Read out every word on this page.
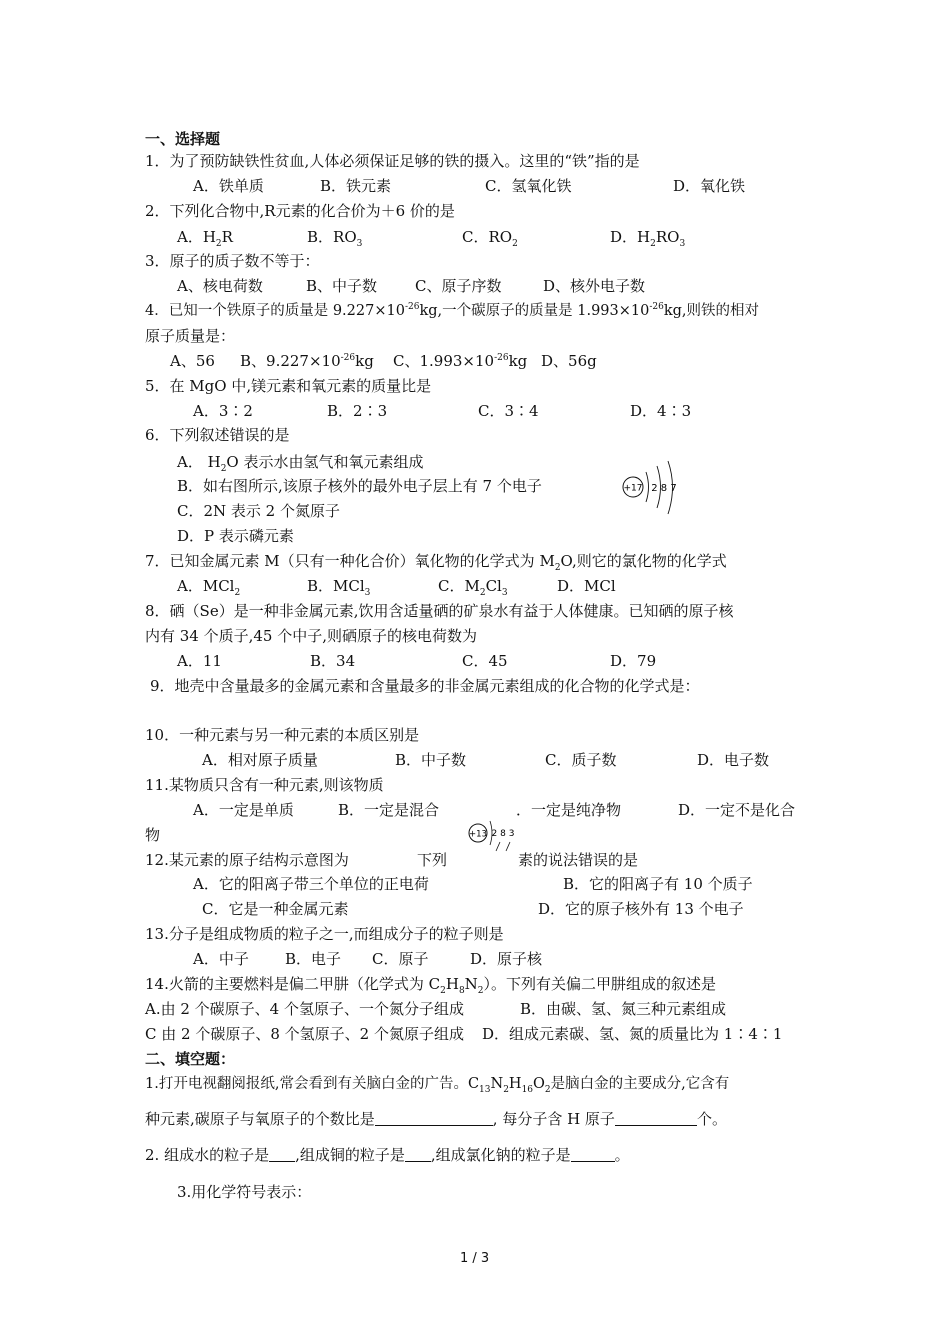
一、选择题
1．为了预防缺铁性贫血,人体必须保证足够的铁的摄入。这里的“铁”指的是
A．铁单质	B．铁元素	C．氢氧化铁	D．氧化铁
2．下列化合物中,R元素的化合价为＋6 价的是
A．$H_2R$	B．$RO_3$	C．$RO_2$	D．$H_2RO_3$
3．原子的质子数不等于：
A、核电荷数	B、中子数	C、原子序数	D、核外电子数
4．已知一个铁原子的质量是 $9.227\times 10^{-26}kg$,一个碳原子的质量是 $1.993\times 10^{-26}kg$,则铁的相对
原子质量是：
A、56 B、$9.227\times 10^{-26}kg$ C、$1.993\times 10^{-26}kg$ D、56g
5．在 MgO 中,镁元素和氧元素的质量比是
A．3∶2	B．2∶3	C．3∶4	D．4∶3
6．下列叙述错误的是
A． $H_2O$ 表示水由氢气和氧元素组成
B．如右图所示,该原子核外的最外电子层上有 7 个电子
C．2N 表示 2 个氮原子
D．P 表示磷元素
+17 2 8 7
7．已知金属元素 M（只有一种化合价）氧化物的化学式为 $M_2O$,则它的氯化物的化学式
A．MCl$_2$	B．MCl$_3$	C．$M_2Cl_3$	D．MCl
8．硒（Se）是一种非金属元素,饮用含适量硒的矿泉水有益于人体健康。已知硒的原子核
内有 34 个质子,45 个中子,则硒原子的核电荷数为
A．11	B．34	C．45	D．79
9．地壳中含量最多的金属元素和含量最多的非金属元素组成的化合物的化学式是：
10．一种元素与另一种元素的本质区别是
A．相对原子质量	B．中子数	C．质子数	D．电子数
11.某物质只含有一种元素,则该物质
A．一定是单质	B．一定是混合	．一定是纯净物	D．一定不是化合
物	+13 2 8 3
12.某元素的原子结构示意图为	下列	素的说法错误的是
A．它的阳离子带三个单位的正电荷	B．它的阳离子有 10 个质子
C．它是一种金属元素	D．它的原子核外有 13 个电子
13.分子是组成物质的粒子之一,而组成分子的粒子则是
A．中子 B．电子 C．原子	D．原子核
14.火箭的主要燃料是偏二甲肼（化学式为 $C_2H_8N_2$）。下列有关偏二甲肼组成的叙述是
A.由 2 个碳原子、4 个氢原子、一个氮分子组成	B．由碳、氢、氮三种元素组成
C 由 2 个碳原子、8 个氢原子、2 个氮原子组成 D．组成元素碳、氢、氮的质量比为 1∶4∶1
二、填空题：
1.打开电视翻阅报纸,常会看到有关脑白金的广告。$C_{13}N_2H_{16}O_2$是脑白金的主要成分,它含有
种元素,碳原子与氧原子的个数比是	, 每分子含 H 原子	个。
2. 组成水的粒子是 ,组成铜的粒子是 ,组成氯化钠的粒子是	。
3.用化学符号表示：
1 / 3
